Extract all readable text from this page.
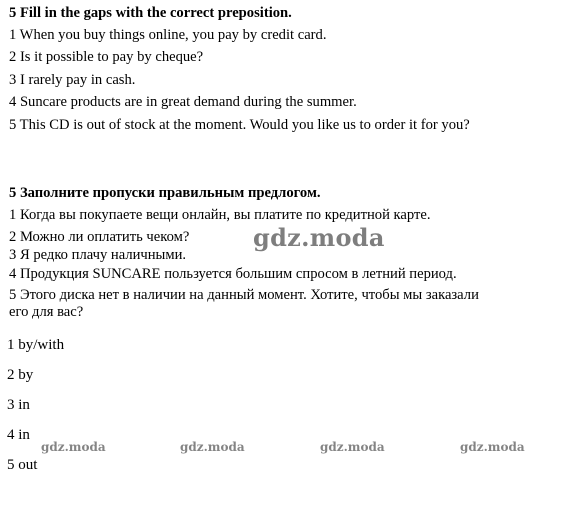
5 Fill in the gaps with the correct preposition.
1 When you buy things online, you pay by credit card.
2 Is it possible to pay by cheque?
3 I rarely pay in cash.
4 Suncare products are in great demand during the summer.
5 This CD is out of stock at the moment. Would you like us to order it for you?
5 Заполните пропуски правильным предлогом.
1 Когда вы покупаете вещи онлайн, вы платите по кредитной карте.
2 Можно ли оплатить чеком?
3 Я редко плачу наличными.
4 Продукция SUNCARE пользуется большим спросом в летний период.
5 Этого диска нет в наличии на данный момент. Хотите, чтобы мы заказали
его для вас?
gdz.moda
1 by/with
2 by
3 in
4 in
5 out
gdz.moda	gdz.moda	gdz.moda	gdz.moda
